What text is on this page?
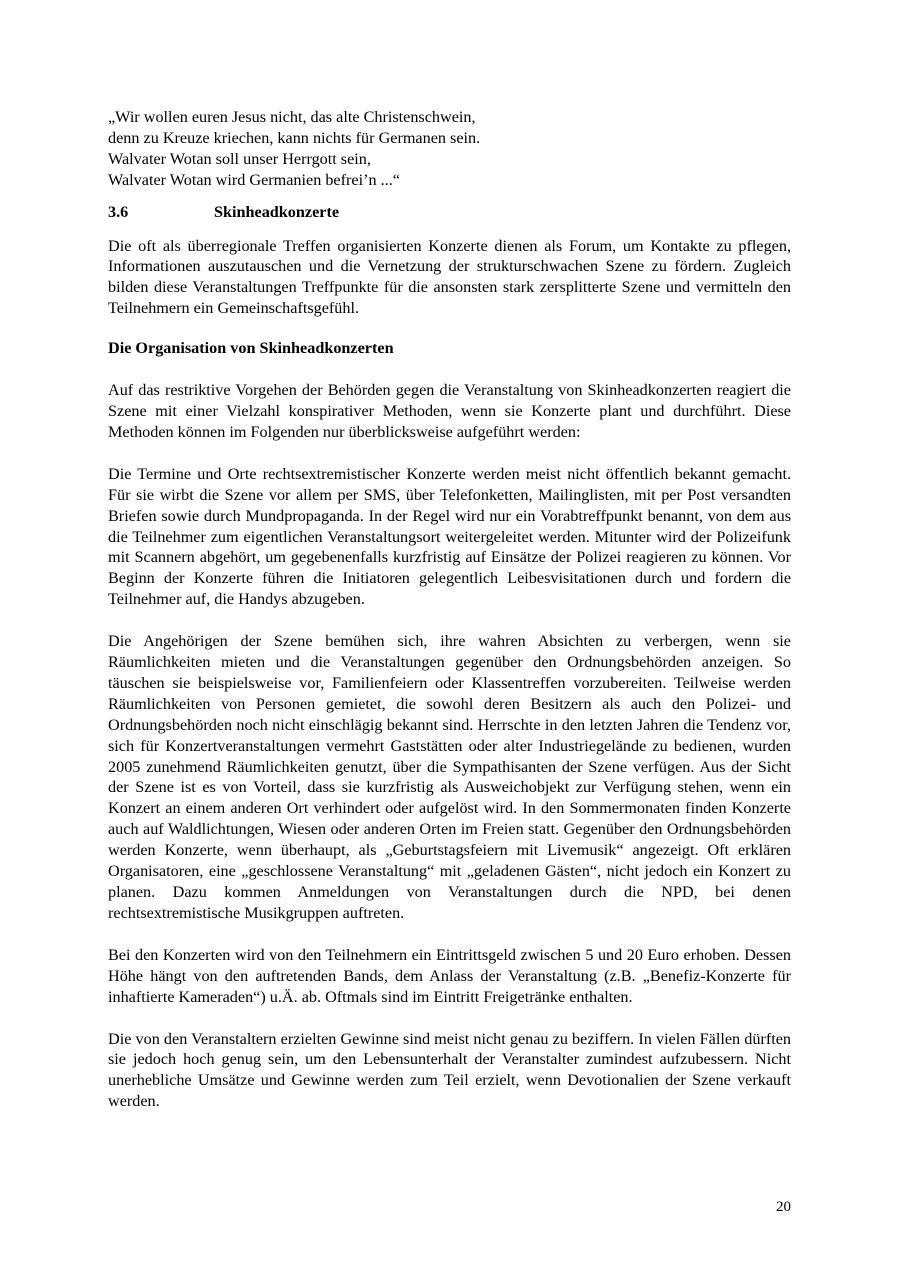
„Wir wollen euren Jesus nicht, das alte Christenschwein,
denn zu Kreuze kriechen, kann nichts für Germanen sein.
Walvater Wotan soll unser Herrgott sein,
Walvater Wotan wird Germanien befrei’n ...“
3.6	Skinheadkonzerte

Die oft als überregionale Treffen organisierten Konzerte dienen als Forum, um Kontakte zu pflegen, Informationen auszutauschen und die Vernetzung der strukturschwachen Szene zu fördern. Zugleich bilden diese Veranstaltungen Treffpunkte für die ansonsten stark zersplitterte Szene und vermitteln den Teilnehmern ein Gemeinschaftsgefühl.

Die Organisation von Skinheadkonzerten

Auf das restriktive Vorgehen der Behörden gegen die Veranstaltung von Skinheadkonzerten reagiert die Szene mit einer Vielzahl konspirativer Methoden, wenn sie Konzerte plant und durchführt. Diese Methoden können im Folgenden nur überblicksweise aufgeführt werden:

Die Termine und Orte rechtsextremistischer Konzerte werden meist nicht öffentlich bekannt gemacht. Für sie wirbt die Szene vor allem per SMS, über Telefonketten, Mailinglisten, mit per Post versandten Briefen sowie durch Mundpropaganda. In der Regel wird nur ein Vorabtreffpunkt benannt, von dem aus die Teilnehmer zum eigentlichen Veranstaltungsort weitergeleitet werden. Mitunter wird der Polizeifunk mit Scannern abgehört, um gegebenenfalls kurzfristig auf Einsätze der Polizei reagieren zu können. Vor Beginn der Konzerte führen die Initiatoren gelegentlich Leibesvisitationen durch und fordern die Teilnehmer auf, die Handys abzugeben.

Die Angehörigen der Szene bemühen sich, ihre wahren Absichten zu verbergen, wenn sie Räumlichkeiten mieten und die Veranstaltungen gegenüber den Ordnungsbehörden anzeigen. So täuschen sie beispielsweise vor, Familienfeiern oder Klassentreffen vorzubereiten. Teilweise werden Räumlichkeiten von Personen gemietet, die sowohl deren Besitzern als auch den Polizei- und Ordnungsbehörden noch nicht einschlägig bekannt sind. Herrschte in den letzten Jahren die Tendenz vor, sich für Konzertveranstaltungen vermehrt Gaststätten oder alter Industriegelände zu bedienen, wurden 2005 zunehmend Räumlichkeiten genutzt, über die Sympathisanten der Szene verfügen. Aus der Sicht der Szene ist es von Vorteil, dass sie kurzfristig als Ausweichobjekt zur Verfügung stehen, wenn ein Konzert an einem anderen Ort verhindert oder aufgelöst wird. In den Sommermonaten finden Konzerte auch auf Waldlichtungen, Wiesen oder anderen Orten im Freien statt. Gegenüber den Ordnungsbehörden werden Konzerte, wenn überhaupt, als „Geburtstagsfeiern mit Livemusik“ angezeigt. Oft erklären Organisatoren, eine „geschlossene Veranstaltung“ mit „geladenen Gästen“, nicht jedoch ein Konzert zu planen. Dazu kommen Anmeldungen von Veranstaltungen durch die NPD, bei denen rechtsextremistische Musikgruppen auftreten.

Bei den Konzerten wird von den Teilnehmern ein Eintrittsgeld zwischen 5 und 20 Euro erhoben. Dessen Höhe hängt von den auftretenden Bands, dem Anlass der Veranstaltung (z.B. „Benefiz-Konzerte für inhaftierte Kameraden“) u.Ä. ab. Oftmals sind im Eintritt Freigetränke enthalten.

Die von den Veranstaltern erzielten Gewinne sind meist nicht genau zu beziffern. In vielen Fällen dürften sie jedoch hoch genug sein, um den Lebensunterhalt der Veranstalter zumindest aufzubessern. Nicht unerhebliche Umsätze und Gewinne werden zum Teil erzielt, wenn Devotionalien der Szene verkauft werden.

20
